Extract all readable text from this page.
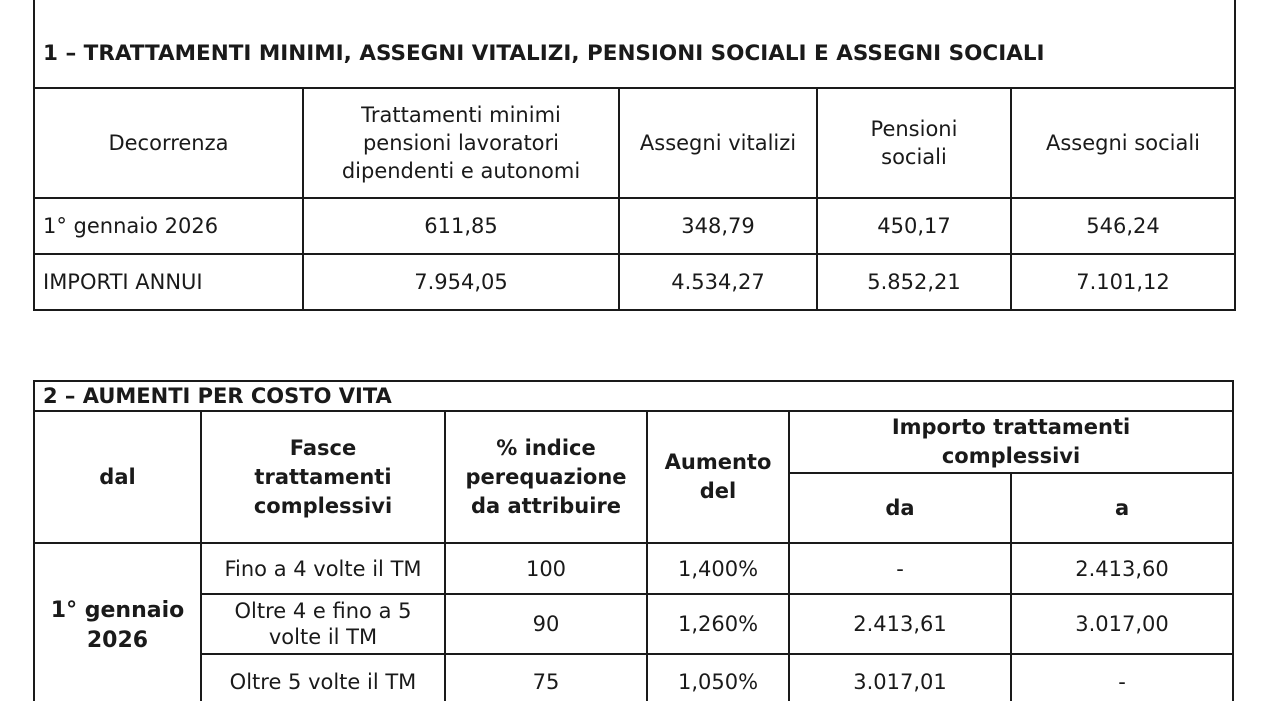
1 – TRATTAMENTI MINIMI, ASSEGNI VITALIZI, PENSIONI SOCIALI E ASSEGNI SOCIALI				
Decorrenza	Trattamenti minimi pensioni lavoratori dipendenti e autonomi	Assegni vitalizi	Pensioni sociali	Assegni sociali
1° gennaio 2026	611,85	348,79	450,17	546,24
IMPORTI ANNUI	7.954,05	4.534,27	5.852,21	7.101,12
2 – AUMENTI PER COSTO VITA					
dal	Fasce trattamenti complessivi	% indice perequazione da attribuire	Aumento del	Importo trattamenti complessivi	
				da	a
1° gennaio 2026	Fino a 4 volte il TM	100	1,400%	-	2.413,60
	Oltre 4 e fino a 5 volte il TM	90	1,260%	2.413,61	3.017,00
	Oltre 5 volte il TM	75	1,050%	3.017,01	-
